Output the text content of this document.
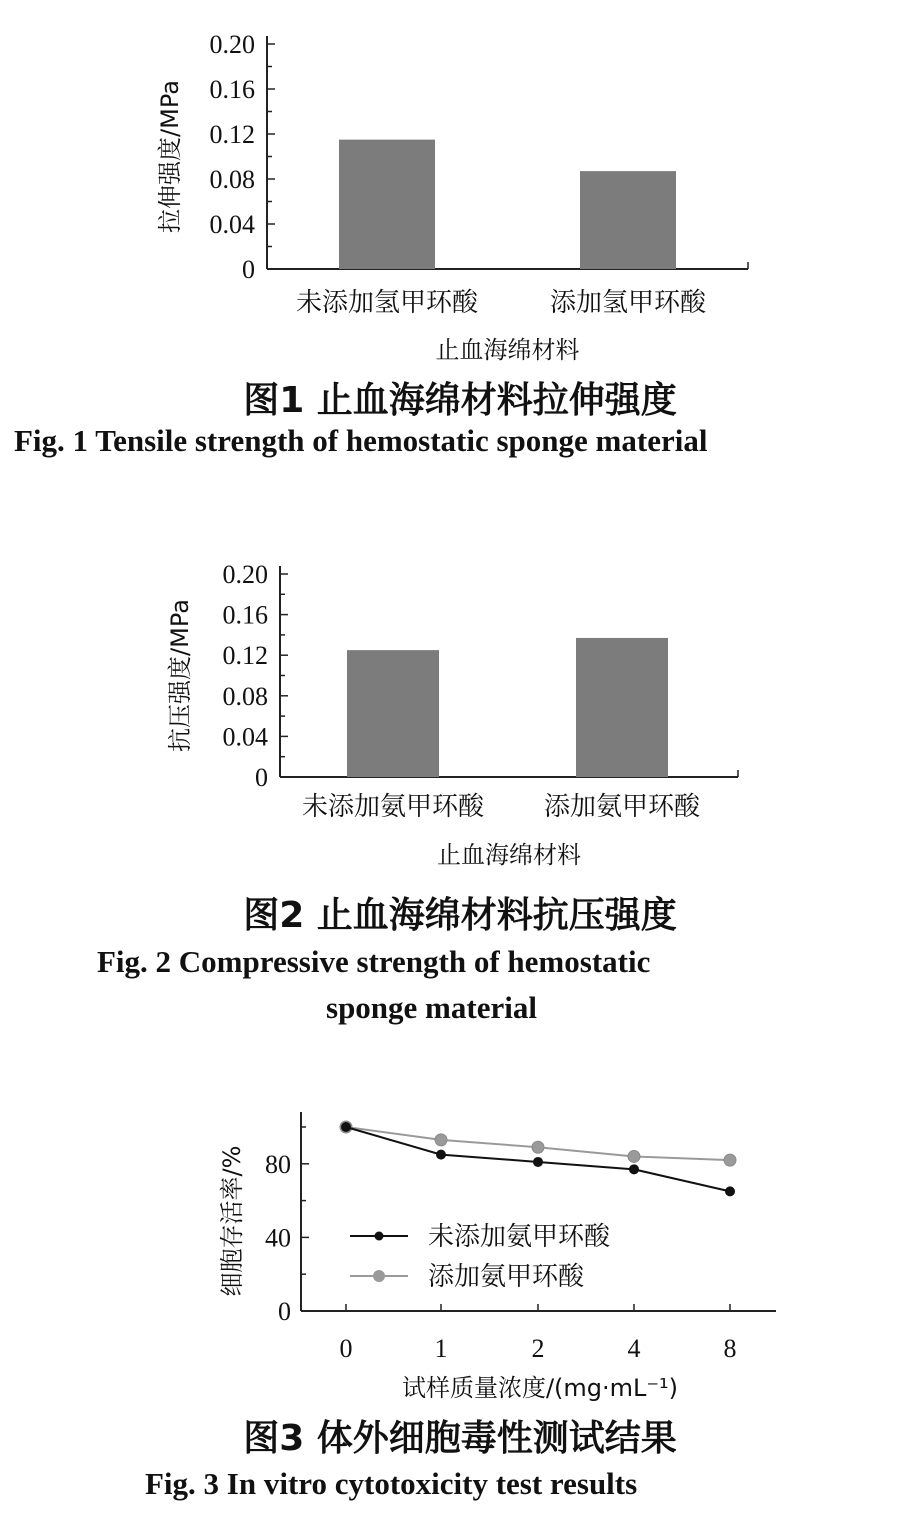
0
0.04
0.08
0.12
0.16
0.20
未添加氢甲环酸	添加氢甲环酸
止血海绵材料
拉伸强度/MPa
0
0.04
0.08
0.12
0.16
0.20
未添加氨甲环酸 添加氨甲环酸
止血海绵材料
抗压强度/MPa
0
40
80
0	1	2	4	8
未添加氨甲环酸
添加氨甲环酸
试样质量浓度/(mg·mL⁻¹)
细胞存活率/%
图1 止血海绵材料拉伸强度
Fig. 1 Tensile strength of hemostatic sponge material
图2 止血海绵材料抗压强度
Fig. 2 Compressive strength of hemostatic
sponge material
图3 体外细胞毒性测试结果
Fig. 3 In vitro cytotoxicity test results
